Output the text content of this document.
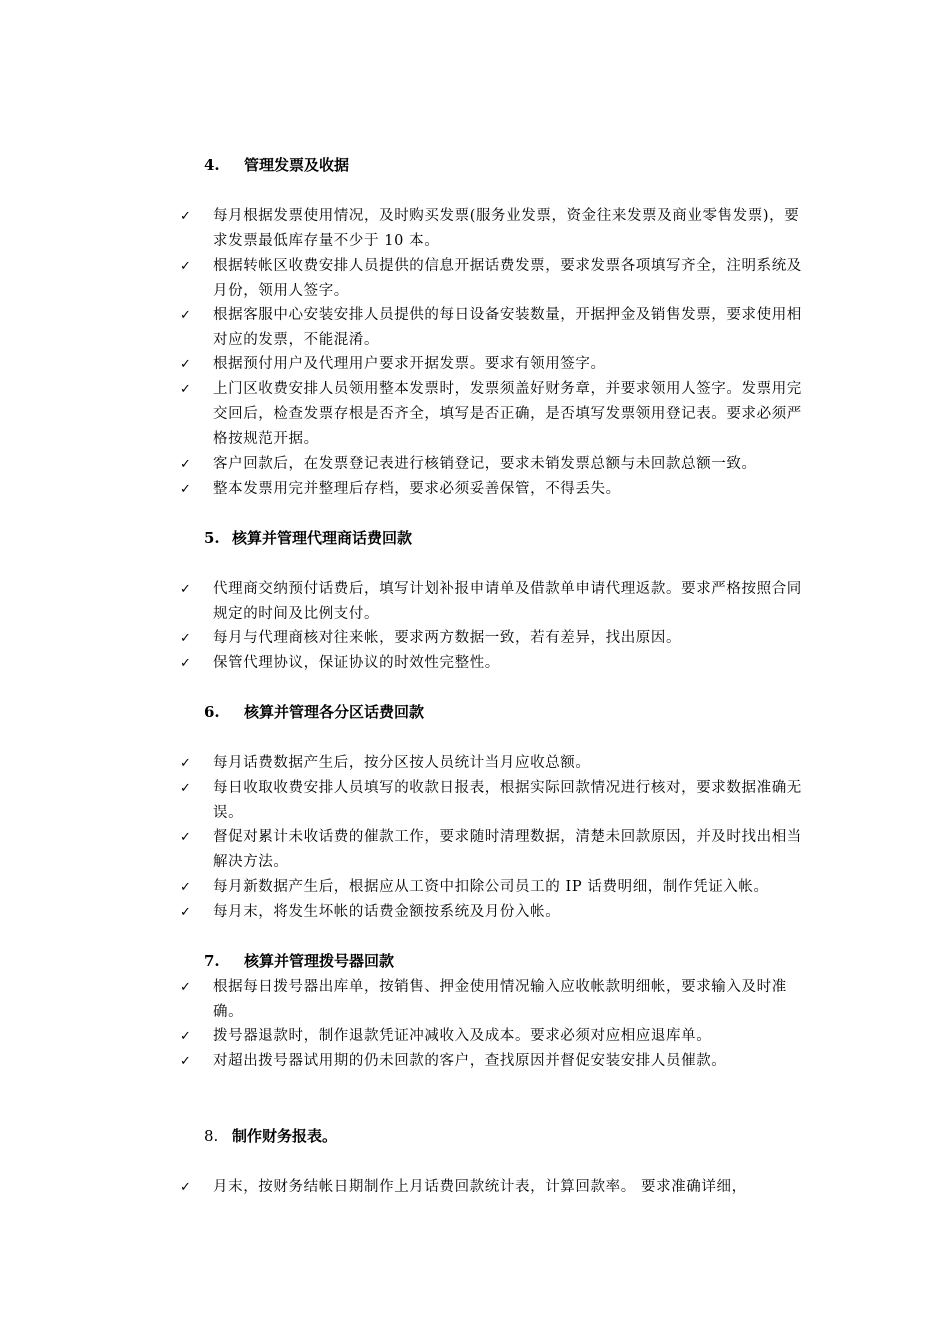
4. 管理发票及收据
✓	每月根据发票使用情况，及时购买发票(服务业发票，资金往来发票及商业零售发票)，要求发票最低库存量不少于 10 本。
✓	根据转帐区收费安排人员提供的信息开据话费发票，要求发票各项填写齐全，注明系统及月份，领用人签字。
✓	根据客服中心安装安排人员提供的每日设备安装数量，开据押金及销售发票，要求使用相对应的发票，不能混淆。
✓	根据预付用户及代理用户要求开据发票。要求有领用签字。
✓	上门区收费安排人员领用整本发票时，发票须盖好财务章，并要求领用人签字。发票用完交回后，检查发票存根是否齐全，填写是否正确，是否填写发票领用登记表。要求必须严格按规范开据。
✓	客户回款后，在发票登记表进行核销登记，要求未销发票总额与未回款总额一致。
✓	整本发票用完并整理后存档，要求必须妥善保管，不得丢失。
5. 核算并管理代理商话费回款
✓	代理商交纳预付话费后，填写计划补报申请单及借款单申请代理返款。要求严格按照合同规定的时间及比例支付。
✓	每月与代理商核对往来帐，要求两方数据一致，若有差异，找出原因。
✓	保管代理协议，保证协议的时效性完整性。
6. 核算并管理各分区话费回款
✓	每月话费数据产生后，按分区按人员统计当月应收总额。
✓	每日收取收费安排人员填写的收款日报表，根据实际回款情况进行核对，要求数据准确无误。
✓	督促对累计未收话费的催款工作，要求随时清理数据，清楚未回款原因，并及时找出相当解决方法。
✓	每月新数据产生后，根据应从工资中扣除公司员工的 IP 话费明细，制作凭证入帐。
✓	每月末，将发生坏帐的话费金额按系统及月份入帐。
7. 核算并管理拨号器回款
✓	根据每日拨号器出库单，按销售、押金使用情况输入应收帐款明细帐，要求输入及时准确。
✓	拨号器退款时，制作退款凭证冲减收入及成本。要求必须对应相应退库单。
✓	对超出拨号器试用期的仍未回款的客户，查找原因并督促安装安排人员催款。
8. 制作财务报表。
✓	月末，按财务结帐日期制作上月话费回款统计表，计算回款率。 要求准确详细，
